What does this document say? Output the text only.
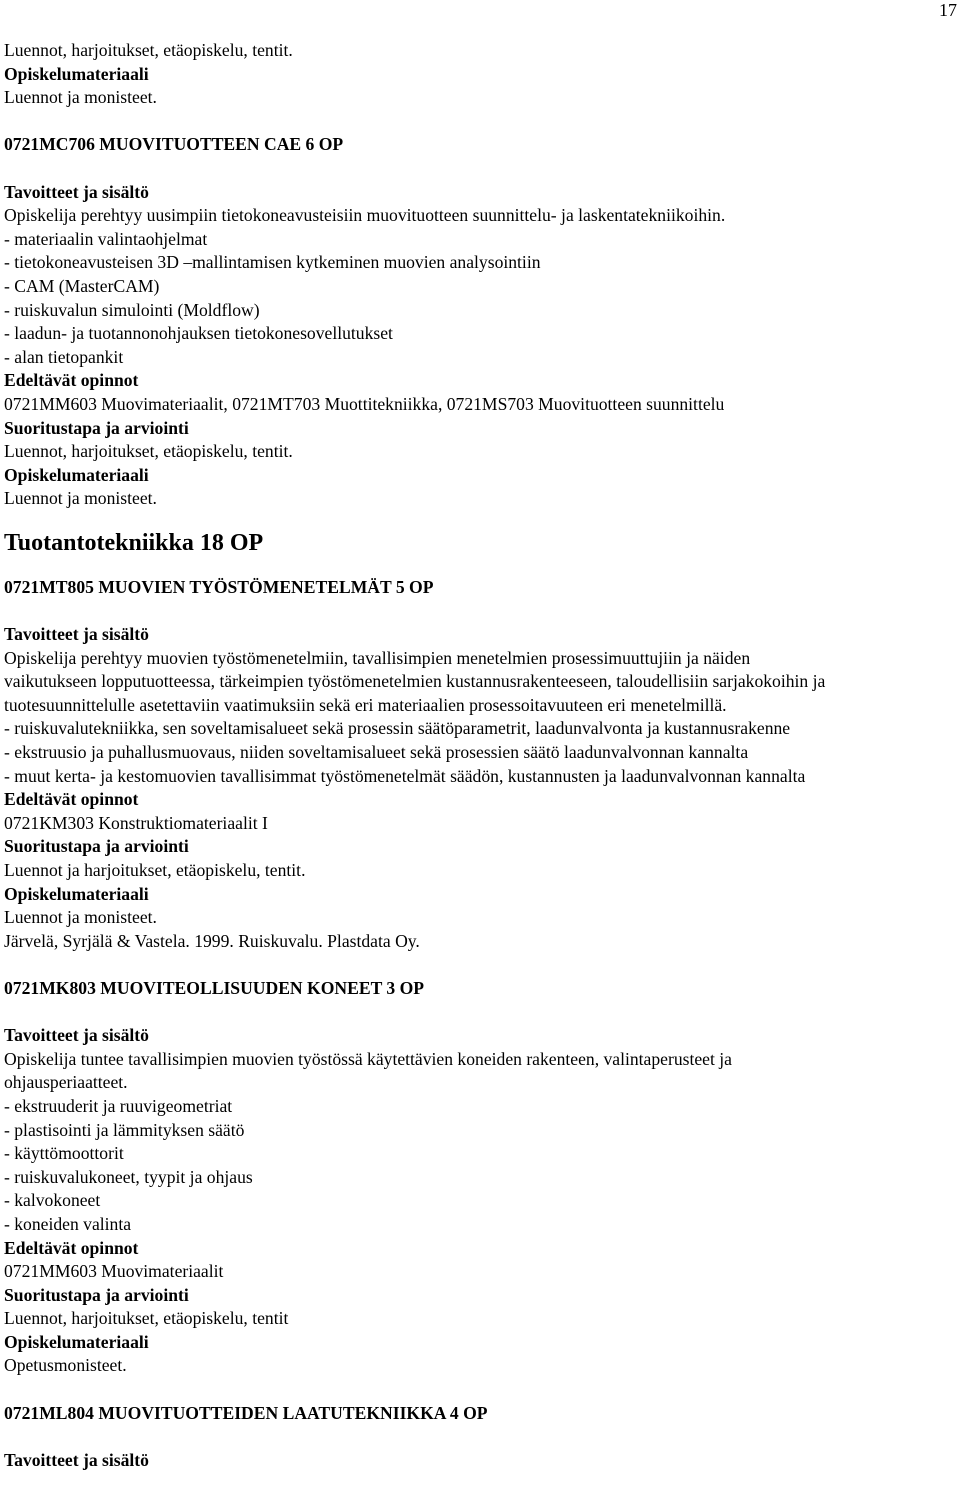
17
Luennot, harjoitukset, etäopiskelu, tentit.
Opiskelumateriaali
Luennot ja monisteet.
0721MC706 MUOVITUOTTEEN CAE 6 OP
Tavoitteet ja sisältö
Opiskelija perehtyy uusimpiin tietokoneavusteisiin muovituotteen suunnittelu- ja laskentatekniikoihin.
- materiaalin valintaohjelmat
- tietokoneavusteisen 3D –mallintamisen kytkeminen muovien analysointiin
- CAM (MasterCAM)
- ruiskuvalun simulointi (Moldflow)
- laadun- ja tuotannonohjauksen tietokonesovellutukset
- alan tietopankit
Edeltävät opinnot
0721MM603 Muovimateriaalit, 0721MT703 Muottitekniikka, 0721MS703 Muovituotteen suunnittelu
Suoritustapa ja arviointi
Luennot, harjoitukset, etäopiskelu, tentit.
Opiskelumateriaali
Luennot ja monisteet.
Tuotantotekniikka 18 OP
0721MT805 MUOVIEN TYÖSTÖMENETELMÄT 5 OP
Tavoitteet ja sisältö
Opiskelija perehtyy muovien työstömenetelmiin, tavallisimpien menetelmien prosessimuuttujiin ja näiden
vaikutukseen lopputuotteessa, tärkeimpien työstömenetelmien kustannusrakenteeseen, taloudellisiin sarjakokoihin ja
tuotesuunnittelulle asetettaviin vaatimuksiin sekä eri materiaalien prosessoitavuuteen eri menetelmillä.
- ruiskuvalutekniikka, sen soveltamisalueet sekä prosessin säätöparametrit, laadunvalvonta ja kustannusrakenne
- ekstruusio ja puhallusmuovaus, niiden soveltamisalueet sekä prosessien säätö laadunvalvonnan kannalta
- muut kerta- ja kestomuovien tavallisimmat työstömenetelmät säädön, kustannusten ja laadunvalvonnan kannalta
Edeltävät opinnot
0721KM303 Konstruktiomateriaalit I
Suoritustapa ja arviointi
Luennot ja harjoitukset, etäopiskelu, tentit.
Opiskelumateriaali
Luennot ja monisteet.
Järvelä, Syrjälä & Vastela. 1999. Ruiskuvalu. Plastdata Oy.
0721MK803 MUOVITEOLLISUUDEN KONEET 3 OP
Tavoitteet ja sisältö
Opiskelija tuntee tavallisimpien muovien työstössä käytettävien koneiden rakenteen, valintaperusteet ja
ohjausperiaatteet.
- ekstruuderit ja ruuvigeometriat
- plastisointi ja lämmityksen säätö
- käyttömoottorit
- ruiskuvalukoneet, tyypit ja ohjaus
- kalvokoneet
- koneiden valinta
Edeltävät opinnot
0721MM603 Muovimateriaalit
Suoritustapa ja arviointi
Luennot, harjoitukset, etäopiskelu, tentit
Opiskelumateriaali
Opetusmonisteet.
0721ML804 MUOVITUOTTEIDEN LAATUTEKNIIKKA 4 OP
Tavoitteet ja sisältö
